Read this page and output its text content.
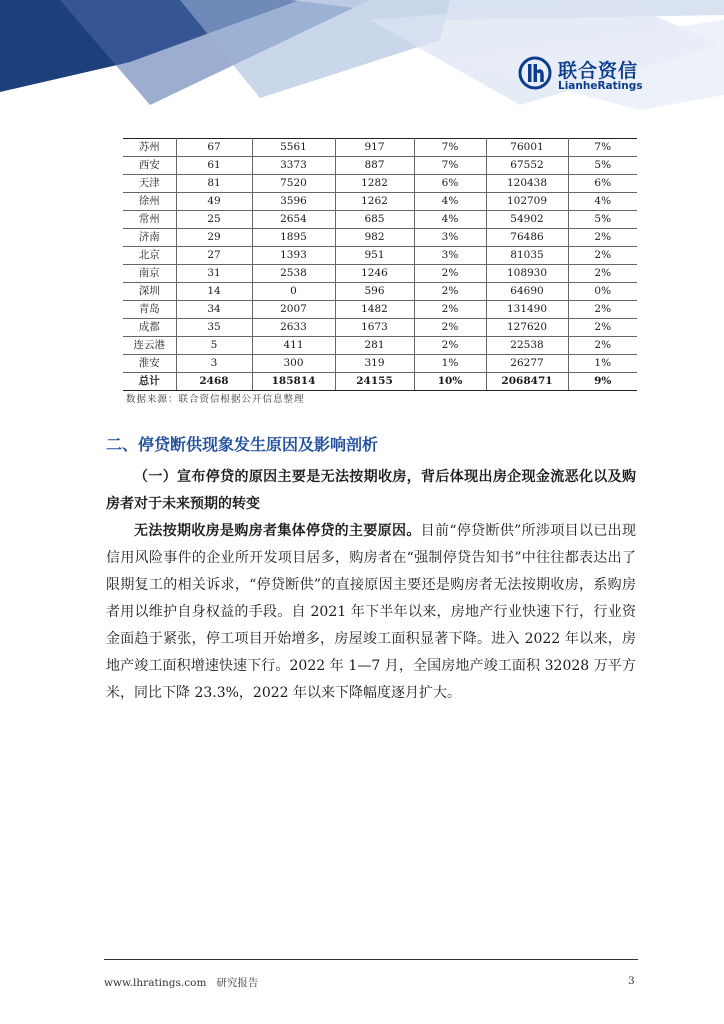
联合资信
LianheRatings
苏州	67	5561	917	7%	76001	7%
西安	61	3373	887	7%	67552	5%
天津	81	7520	1282	6%	120438	6%
徐州	49	3596	1262	4%	102709	4%
常州	25	2654	685	4%	54902	5%
济南	29	1895	982	3%	76486	2%
北京	27	1393	951	3%	81035	2%
南京	31	2538	1246	2%	108930	2%
深圳	14	0	596	2%	64690	0%
青岛	34	2007	1482	2%	131490	2%
成都	35	2633	1673	2%	127620	2%
连云港	5	411	281	2%	22538	2%
淮安	3	300	319	1%	26277	1%
总计	2468	185814	24155	10%	2068471	9%
数据来源：联合资信根据公开信息整理
二、停贷断供现象发生原因及影响剖析

（一）宣布停贷的原因主要是无法按期收房，背后体现出房企现金流恶化以及购房者对于未来预期的转变

无法按期收房是购房者集体停贷的主要原因。目前“停贷断供”所涉项目以已出现信用风险事件的企业所开发项目居多，购房者在“强制停贷告知书”中往往都表达出了限期复工的相关诉求，“停贷断供”的直接原因主要还是购房者无法按期收房，系购房者用以维护自身权益的手段。自 2021 年下半年以来，房地产行业快速下行，行业资金面趋于紧张，停工项目开始增多，房屋竣工面积显著下降。进入 2022 年以来，房地产竣工面积增速快速下行。2022 年 1—7 月，全国房地产竣工面积 32028 万平方米，同比下降 23.3%，2022 年以来下降幅度逐月扩大。

www.lhratings.com 研究报告	3
